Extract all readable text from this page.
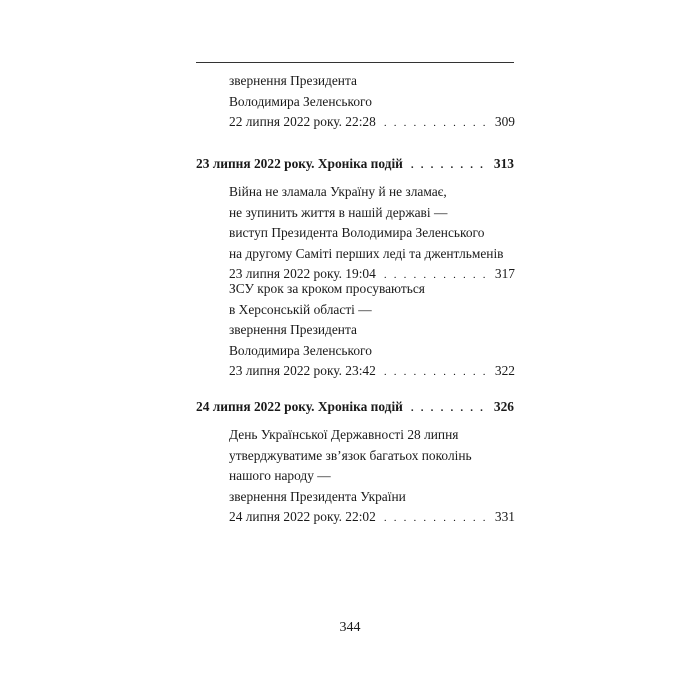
звернення Президента
Володимира Зеленського
22 липня 2022 року. 22:28 . . .	309
23 липня 2022 року. Хроніка подій . . .	313
Війна не зламала Україну й не зламає,
не зупинить життя в нашій державі —
виступ Президента Володимира Зеленського
на другому Саміті перших леді та джентльменів
23 липня 2022 року. 19:04 . . .	317
ЗСУ крок за кроком просуваються
в Херсонській області —
звернення Президента
Володимира Зеленського
23 липня 2022 року. 23:42 . . .	322
24 липня 2022 року. Хроніка подій . . .	326
День Української Державності 28 липня
утверджуватиме зв’язок багатьох поколінь
нашого народу —
звернення Президента України
24 липня 2022 року. 22:02 . . .	331
344
